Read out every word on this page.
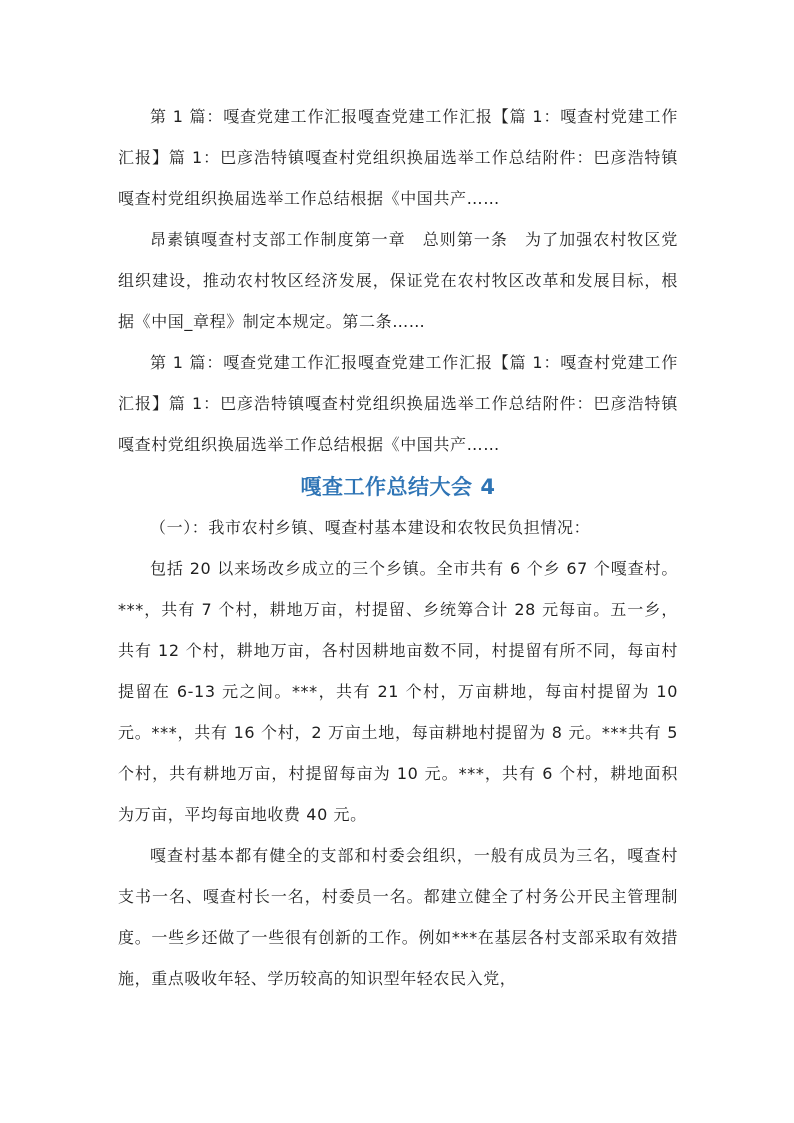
第 1 篇：嘎查党建工作汇报嘎查党建工作汇报【篇 1：嘎查村党建工作汇报】篇 1：巴彦浩特镇嘎查村党组织换届选举工作总结附件：巴彦浩特镇嘎查村党组织换届选举工作总结根据《中国共产……

昂素镇嘎查村支部工作制度第一章　总则第一条　为了加强农村牧区党组织建设，推动农村牧区经济发展，保证党在农村牧区改革和发展目标，根据《中国_章程》制定本规定。第二条……

第 1 篇：嘎查党建工作汇报嘎查党建工作汇报【篇 1：嘎查村党建工作汇报】篇 1：巴彦浩特镇嘎查村党组织换届选举工作总结附件：巴彦浩特镇嘎查村党组织换届选举工作总结根据《中国共产……

嘎查工作总结大会 4

（一）：我市农村乡镇、嘎查村基本建设和农牧民负担情况：

包括 20 以来场改乡成立的三个乡镇。全市共有 6 个乡 67 个嘎查村。***，共有 7 个村，耕地万亩，村提留、乡统筹合计 28 元每亩。五一乡，共有 12 个村，耕地万亩，各村因耕地亩数不同，村提留有所不同，每亩村提留在 6-13 元之间。***，共有 21 个村，万亩耕地，每亩村提留为 10 元。***，共有 16 个村，2 万亩土地，每亩耕地村提留为 8 元。***共有 5 个村，共有耕地万亩，村提留每亩为 10 元。***，共有 6 个村，耕地面积为万亩，平均每亩地收费 40 元。

嘎查村基本都有健全的支部和村委会组织，一般有成员为三名，嘎查村支书一名、嘎查村长一名，村委员一名。都建立健全了村务公开民主管理制度。一些乡还做了一些很有创新的工作。例如***在基层各村支部采取有效措施，重点吸收年轻、学历较高的知识型年轻农民入党，
